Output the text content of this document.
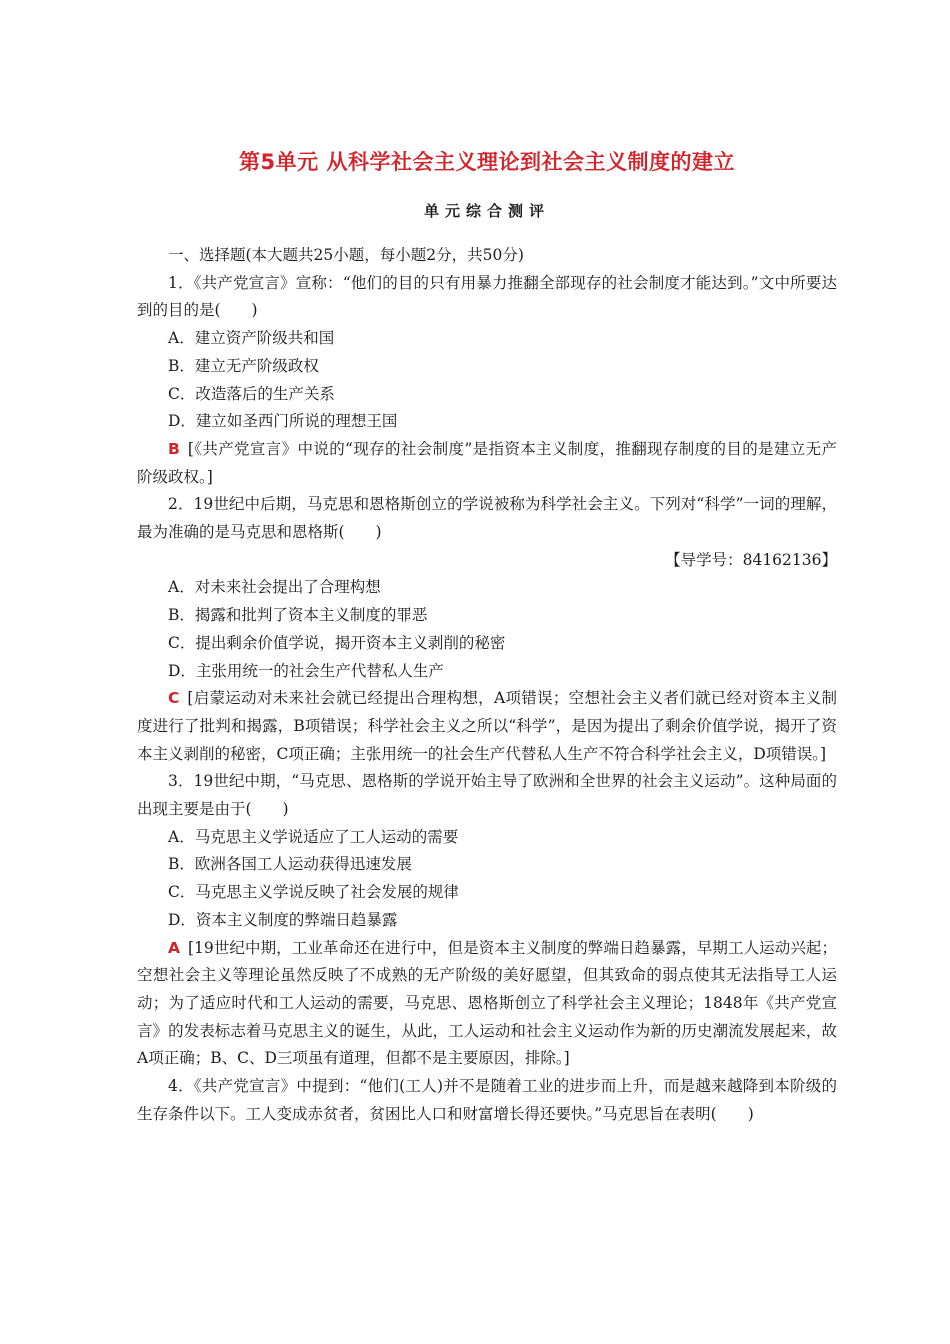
第5单元 从科学社会主义理论到社会主义制度的建立
单元综合测评

一、选择题(本大题共25小题，每小题2分，共50分)

1．《共产党宣言》宣称：“他们的目的只有用暴力推翻全部现存的社会制度才能达到。”文中所要达到的目的是(　　)

A．建立资产阶级共和国

B．建立无产阶级政权

C．改造落后的生产关系

D．建立如圣西门所说的理想王国

B [《共产党宣言》中说的“现存的社会制度”是指资本主义制度，推翻现存制度的目的是建立无产阶级政权。]

2．19世纪中后期，马克思和恩格斯创立的学说被称为科学社会主义。下列对“科学”一词的理解，最为准确的是马克思和恩格斯(　　)

【导学号：84162136】

A．对未来社会提出了合理构想

B．揭露和批判了资本主义制度的罪恶

C．提出剩余价值学说，揭开资本主义剥削的秘密

D．主张用统一的社会生产代替私人生产

C [启蒙运动对未来社会就已经提出合理构想，A项错误；空想社会主义者们就已经对资本主义制度进行了批判和揭露，B项错误；科学社会主义之所以“科学”，是因为提出了剩余价值学说，揭开了资本主义剥削的秘密，C项正确；主张用统一的社会生产代替私人生产不符合科学社会主义，D项错误。]

3．19世纪中期，“马克思、恩格斯的学说开始主导了欧洲和全世界的社会主义运动”。这种局面的出现主要是由于(　　)

A．马克思主义学说适应了工人运动的需要

B．欧洲各国工人运动获得迅速发展

C．马克思主义学说反映了社会发展的规律

D．资本主义制度的弊端日趋暴露

A [19世纪中期，工业革命还在进行中，但是资本主义制度的弊端日趋暴露，早期工人运动兴起；空想社会主义等理论虽然反映了不成熟的无产阶级的美好愿望，但其致命的弱点使其无法指导工人运动；为了适应时代和工人运动的需要，马克思、恩格斯创立了科学社会主义理论；1848年《共产党宣言》的发表标志着马克思主义的诞生，从此，工人运动和社会主义运动作为新的历史潮流发展起来，故A项正确；B、C、D三项虽有道理，但都不是主要原因，排除。]

4．《共产党宣言》中提到：“他们(工人)并不是随着工业的进步而上升，而是越来越降到本阶级的生存条件以下。工人变成赤贫者，贫困比人口和财富增长得还要快。”马克思旨在表明(　　)
